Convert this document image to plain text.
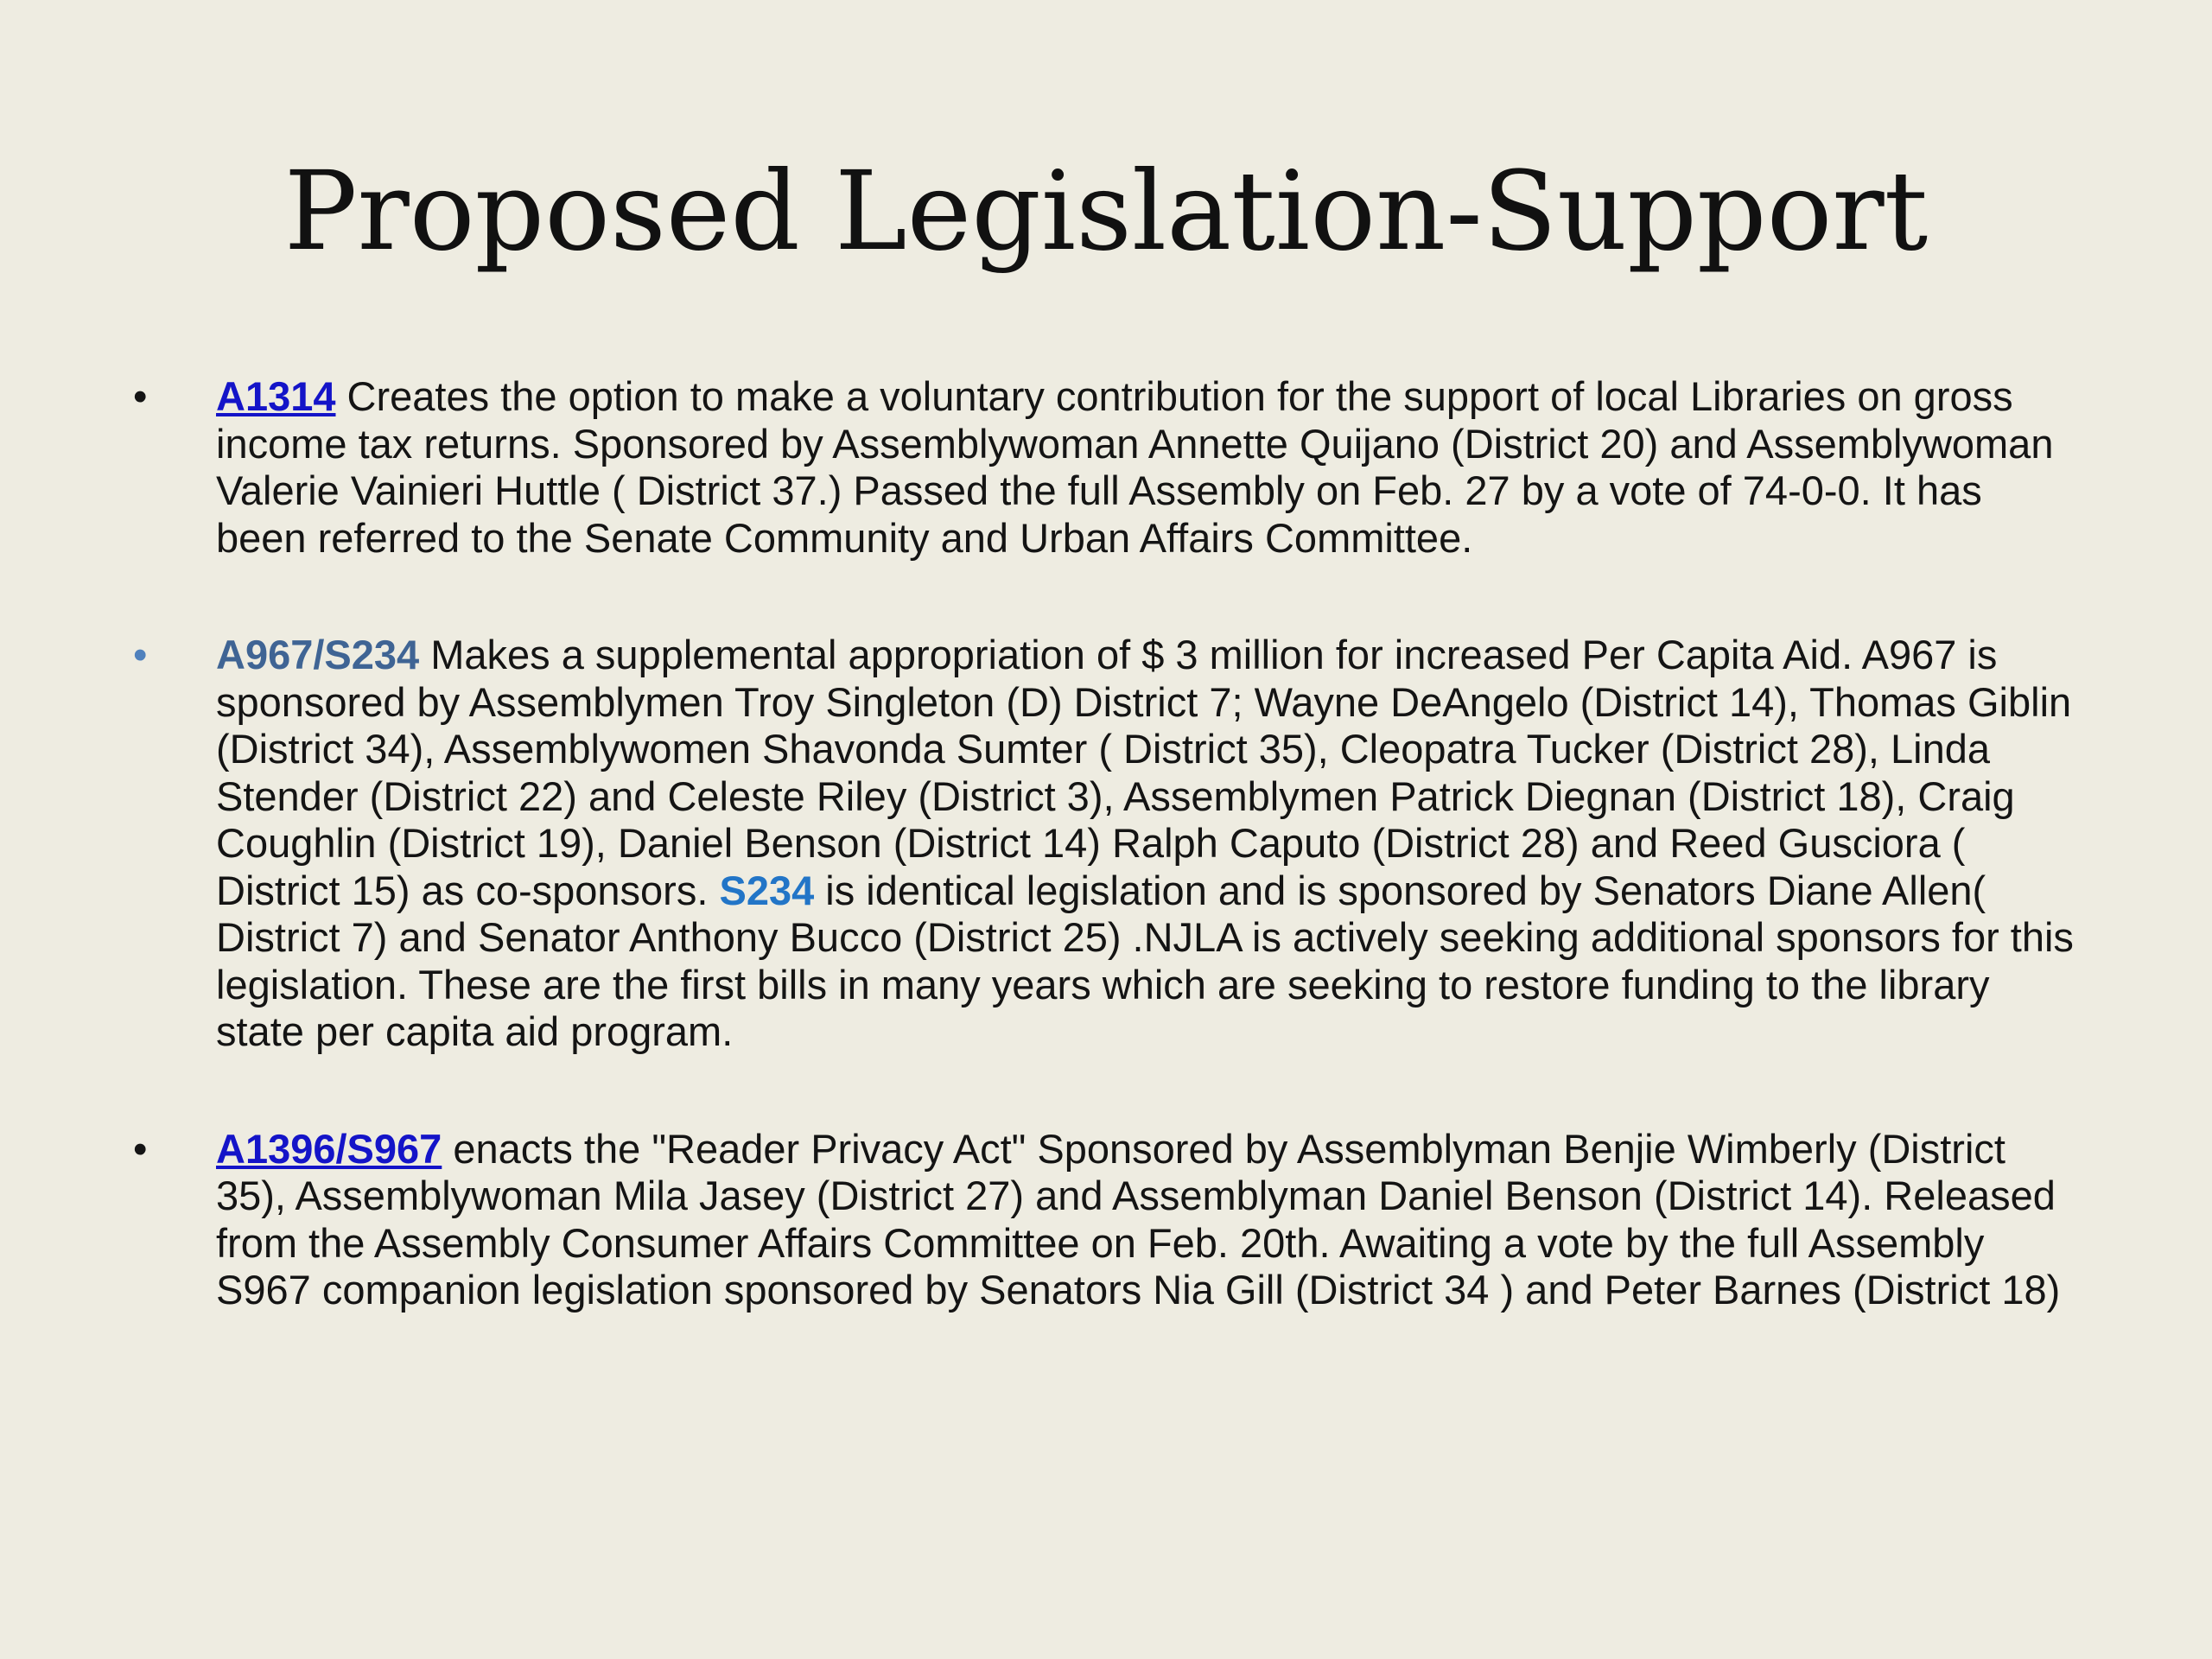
Proposed Legislation-Support
• A1314 Creates the option to make a voluntary contribution for the support of local Libraries on gross income tax returns. Sponsored by Assemblywoman Annette Quijano (District 20) and Assemblywoman Valerie Vainieri Huttle ( District 37.) Passed the full Assembly on Feb. 27 by a vote of 74-0-0. It has been referred to the Senate Community and Urban Affairs Committee.
• A967/S234 Makes a supplemental appropriation of $ 3 million for increased Per Capita Aid. A967 is sponsored by Assemblymen Troy Singleton (D) District 7; Wayne DeAngelo (District 14), Thomas Giblin (District 34), Assemblywomen Shavonda Sumter ( District 35), Cleopatra Tucker (District 28), Linda Stender (District 22) and Celeste Riley (District 3), Assemblymen Patrick Diegnan (District 18), Craig Coughlin (District 19), Daniel Benson (District 14) Ralph Caputo (District 28) and Reed Gusciora ( District 15) as co-sponsors. S234 is identical legislation and is sponsored by Senators Diane Allen( District 7) and Senator Anthony Bucco (District 25) .NJLA is actively seeking additional sponsors for this legislation. These are the first bills in many years which are seeking to restore funding to the library state per capita aid program.
• A1396/S967 enacts the "Reader Privacy Act" Sponsored by Assemblyman Benjie Wimberly (District 35), Assemblywoman Mila Jasey (District 27) and Assemblyman Daniel Benson (District 14). Released from the Assembly Consumer Affairs Committee on Feb. 20th. Awaiting a vote by the full Assembly S967 companion legislation sponsored by Senators Nia Gill (District 34 ) and Peter Barnes (District 18)
